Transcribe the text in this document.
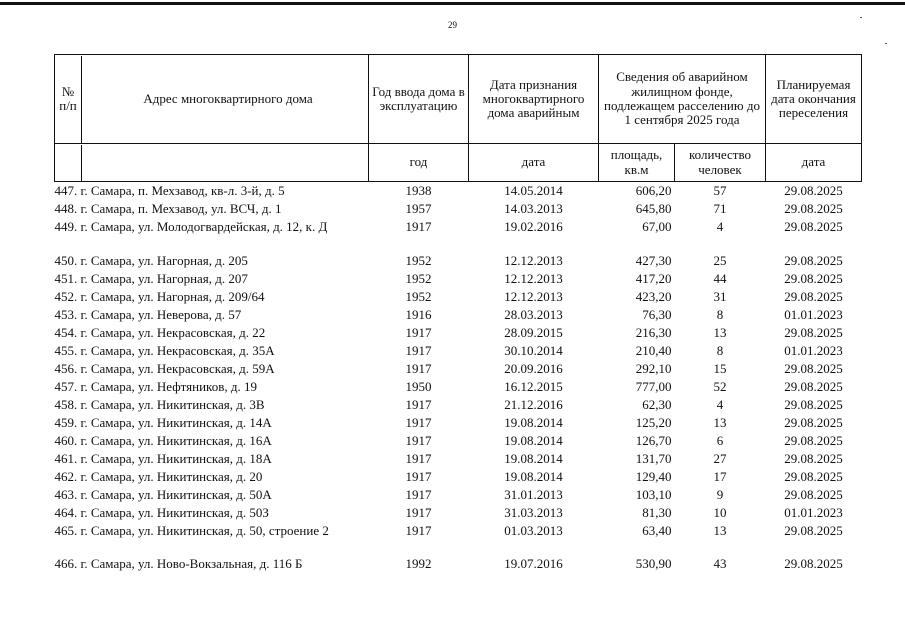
29
№ п/п Адрес многоквартирного дома	Год ввода дома в эксплуатацию	Дата признания многоквартирного дома аварийным	Сведения об аварийном жилищном фонде, подлежащем расселению до 1 сентября 2025 года		Планируемая дата окончания переселения

	год	дата	площадь, кв.м	количество человек	дата
447. г. Самара, п. Мехзавод, кв-л. 3-й, д. 5	1938	14.05.2014	606,20	57	29.08.2025
448. г. Самара, п. Мехзавод, ул. ВСЧ, д. 1	1957	14.03.2013	645,80	71	29.08.2025
449. г. Самара, ул. Молодогвардейская, д. 12, к. Д	1917	19.02.2016	67,00	4	29.08.2025

450. г. Самара, ул. Нагорная, д. 205	1952	12.12.2013	427,30	25	29.08.2025
451. г. Самара, ул. Нагорная, д. 207	1952	12.12.2013	417,20	44	29.08.2025
452. г. Самара, ул. Нагорная, д. 209/64	1952	12.12.2013	423,20	31	29.08.2025
453. г. Самара, ул. Неверова, д. 57	1916	28.03.2013	76,30	8	01.01.2023
454. г. Самара, ул. Некрасовская, д. 22	1917	28.09.2015	216,30	13	29.08.2025
455. г. Самара, ул. Некрасовская, д. 35А	1917	30.10.2014	210,40	8	01.01.2023
456. г. Самара, ул. Некрасовская, д. 59А	1917	20.09.2016	292,10	15	29.08.2025
457. г. Самара, ул. Нефтяников, д. 19	1950	16.12.2015	777,00	52	29.08.2025
458. г. Самара, ул. Никитинская, д. 3В	1917	21.12.2016	62,30	4	29.08.2025
459. г. Самара, ул. Никитинская, д. 14А	1917	19.08.2014	125,20	13	29.08.2025
460. г. Самара, ул. Никитинская, д. 16А	1917	19.08.2014	126,70	6	29.08.2025
461. г. Самара, ул. Никитинская, д. 18А	1917	19.08.2014	131,70	27	29.08.2025
462. г. Самара, ул. Никитинская, д. 20	1917	19.08.2014	129,40	17	29.08.2025
463. г. Самара, ул. Никитинская, д. 50А	1917	31.01.2013	103,10	9	29.08.2025
464. г. Самара, ул. Никитинская, д. 50З	1917	31.03.2013	81,30	10	01.01.2023
465. г. Самара, ул. Никитинская, д. 50, строение 2	1917	01.03.2013	63,40	13	29.08.2025

466. г. Самара, ул. Ново-Вокзальная, д. 116 Б	1992	19.07.2016	530,90	43	29.08.2025
